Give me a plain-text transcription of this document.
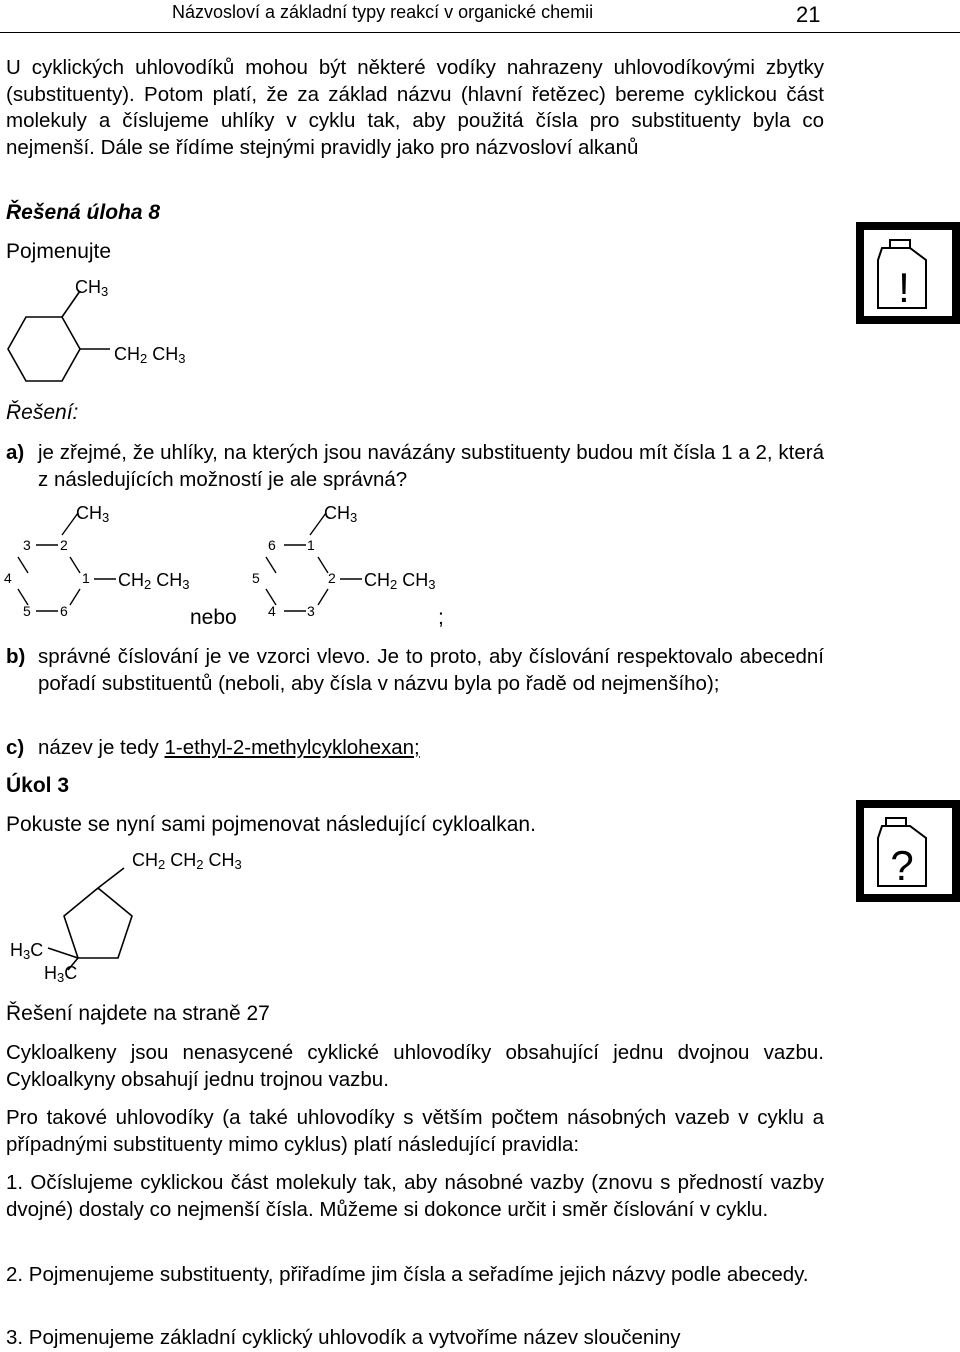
Názvosloví a základní typy reakcí v organické chemii	21
U cyklických uhlovodíků mohou být některé vodíky nahrazeny uhlovodíkovými zbytky (substituenty). Potom platí, že za základ názvu (hlavní řetězec) bereme cyklickou část molekuly a číslujeme uhlíky v cyklu tak, aby použitá čísla pro substituenty byla co nejmenší. Dále se řídíme stejnými pravidly jako pro názvosloví alkanů
Řešená úloha 8
Pojmenujte
!
$CH_3$
$CH_2$ $CH_3$
Řešení:
a) je zřejmé, že uhlíky, na kterých jsou navázány substituenty budou mít čísla 1 a 2, která z následujících možností je ale správná?
3 2
4	1
5 6
$CH_3$
$CH_2$ $CH_3$
6 1
5	2
4 3
$CH_3$
$CH_2$ $CH_3$
nebo	;
b) správné číslování je ve vzorci vlevo. Je to proto, aby číslování respektovalo abecední pořadí substituentů (neboli, aby čísla v názvu byla po řadě od nejmenšího);
c) název je tedy 1-ethyl-2-methylcyklohexan;
Úkol 3
Pokuste se nyní sami pojmenovat následující cykloalkan.
?
$CH_2$ $CH_2$ $CH_3$
$H_3C$
$H_3C$
Řešení najdete na straně 27
Cykloalkeny jsou nenasycené cyklické uhlovodíky obsahující jednu dvojnou vazbu. Cykloalkyny obsahují jednu trojnou vazbu.
Pro takové uhlovodíky (a také uhlovodíky s větším počtem násobných vazeb v cyklu a případnými substituenty mimo cyklus) platí následující pravidla:
1. Očíslujeme cyklickou část molekuly tak, aby násobné vazby (znovu s předností vazby dvojné) dostaly co nejmenší čísla. Můžeme si dokonce určit i směr číslování v cyklu.
2. Pojmenujeme substituenty, přiřadíme jim čísla a seřadíme jejich názvy podle abecedy.
3. Pojmenujeme základní cyklický uhlovodík a vytvoříme název sloučeniny
